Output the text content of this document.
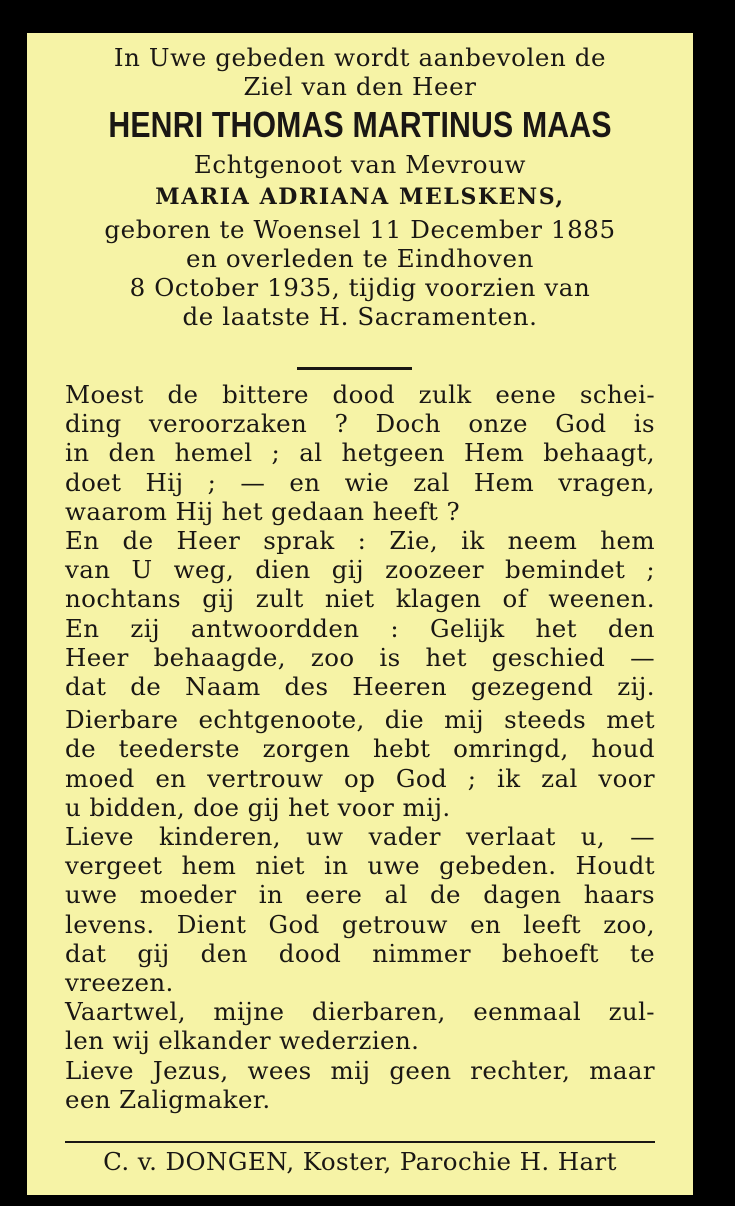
In Uwe gebeden wordt aanbevolen de
Ziel van den Heer
HENRI THOMAS MARTINUS MAAS
Echtgenoot van Mevrouw
MARIA ADRIANA MELSKENS,
geboren te Woensel 11 December 1885
en overleden te Eindhoven
8 October 1935, tijdig voorzien van
de laatste H. Sacramenten.
Moest de bittere dood zulk eene schei-
ding veroorzaken ? Doch onze God is
in den hemel ; al hetgeen Hem behaagt,
doet Hij ; — en wie zal Hem vragen,
waarom Hij het gedaan heeft ?
En de Heer sprak : Zie, ik neem hem
van U weg, dien gij zoozeer bemindet ;
nochtans gij zult niet klagen of weenen.
En zij antwoordden : Gelijk het den
Heer behaagde, zoo is het geschied —
dat de Naam des Heeren gezegend zij.
Dierbare echtgenoote, die mij steeds met
de teederste zorgen hebt omringd, houd
moed en vertrouw op God ; ik zal voor
u bidden, doe gij het voor mij.
Lieve kinderen, uw vader verlaat u, —
vergeet hem niet in uwe gebeden. Houdt
uwe moeder in eere al de dagen haars
levens. Dient God getrouw en leeft zoo,
dat gij den dood nimmer behoeft te
vreezen.
Vaartwel, mijne dierbaren, eenmaal zul-
len wij elkander wederzien.
Lieve Jezus, wees mij geen rechter, maar
een Zaligmaker.
C. v. DONGEN, Koster, Parochie H. Hart
